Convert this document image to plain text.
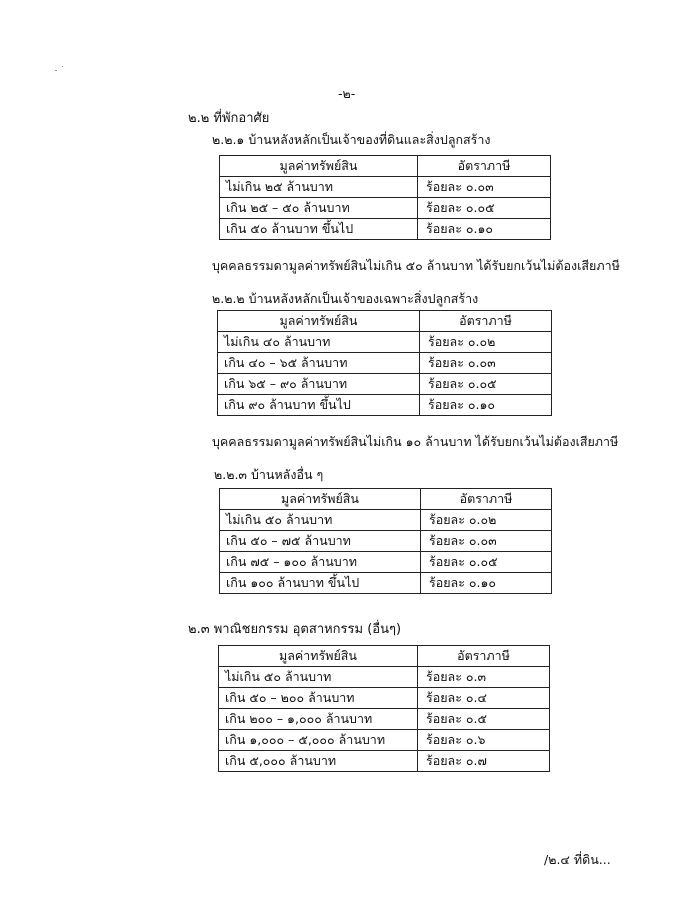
-๒-
๒.๒ ที่พักอาศัย
๒.๒.๑ บ้านหลังหลักเป็นเจ้าของที่ดินและสิ่งปลูกสร้าง
มูลค่าทรัพย์สิน	อัตราภาษี
ไม่เกิน ๒๕ ล้านบาท	ร้อยละ ๐.๐๓
เกิน ๒๕ – ๕๐ ล้านบาท	ร้อยละ ๐.๐๕
เกิน ๕๐ ล้านบาท ขึ้นไป	ร้อยละ ๐.๑๐
บุคคลธรรมดามูลค่าทรัพย์สินไม่เกิน ๕๐ ล้านบาท ได้รับยกเว้นไม่ต้องเสียภาษี
๒.๒.๒ บ้านหลังหลักเป็นเจ้าของเฉพาะสิ่งปลูกสร้าง
มูลค่าทรัพย์สิน	อัตราภาษี
ไม่เกิน ๔๐ ล้านบาท	ร้อยละ ๐.๐๒
เกิน ๔๐ – ๖๕ ล้านบาท	ร้อยละ ๐.๐๓
เกิน ๖๕ – ๙๐ ล้านบาท	ร้อยละ ๐.๐๕
เกิน ๙๐ ล้านบาท ขึ้นไป	ร้อยละ ๐.๑๐
บุคคลธรรมดามูลค่าทรัพย์สินไม่เกิน ๑๐ ล้านบาท ได้รับยกเว้นไม่ต้องเสียภาษี
๒.๒.๓ บ้านหลังอื่น ๆ
มูลค่าทรัพย์สิน	อัตราภาษี
ไม่เกิน ๕๐ ล้านบาท	ร้อยละ ๐.๐๒
เกิน ๕๐ – ๗๕ ล้านบาท	ร้อยละ ๐.๐๓
เกิน ๗๕ – ๑๐๐ ล้านบาท	ร้อยละ ๐.๐๕
เกิน ๑๐๐ ล้านบาท ขึ้นไป	ร้อยละ ๐.๑๐
๒.๓ พาณิชยกรรม อุตสาหกรรม (อื่นๆ)
มูลค่าทรัพย์สิน	อัตราภาษี
ไม่เกิน ๕๐ ล้านบาท	ร้อยละ ๐.๓
เกิน ๕๐ – ๒๐๐ ล้านบาท	ร้อยละ ๐.๔
เกิน ๒๐๐ – ๑,๐๐๐ ล้านบาท	ร้อยละ ๐.๕
เกิน ๑,๐๐๐ – ๕,๐๐๐ ล้านบาท	ร้อยละ ๐.๖
เกิน ๕,๐๐๐ ล้านบาท	ร้อยละ ๐.๗
/๒.๔ ที่ดิน...
